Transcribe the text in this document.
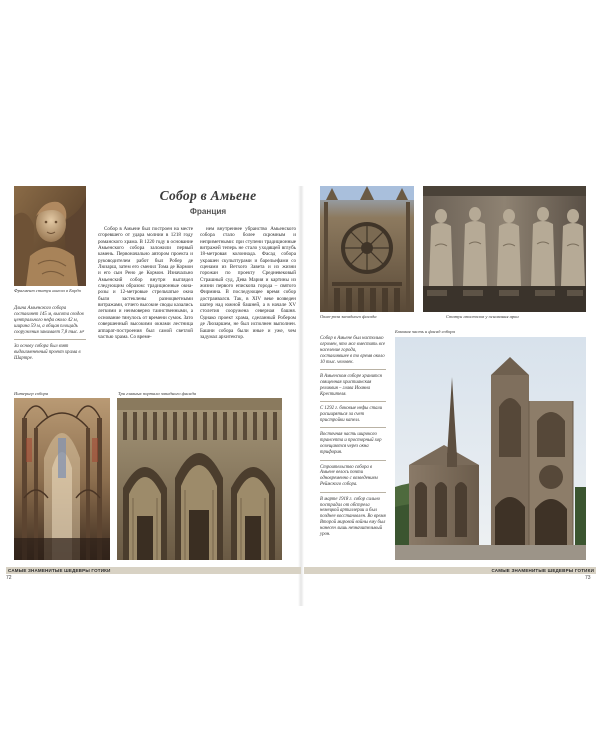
Фрагмент статуи ангела в Бордо

Длина Амьенского собора составляет 145 м, высота сводов центрального нефа около 42 м, ширина 59 м, а общая площадь сооружения занимает 7,8 тыс. м²

За основу собора был взят видоизмененный проект храма в Шартре.

Собор в Амьене
Франция

Собор в Амьене был построен на месте сгоревшего от удара молнии в 1218 году романского храма. В 1220 году в основание Амьенского собора заложили первый камень. Первоначально автором проекта и руководителем работ был Робер де Люзарш, затем его сменил Тома де Кормон и его сын Рено де Кормон. Изначально Амьенский собор внутри выглядел следующим образом: традиционные окна-розы и 12-метровые стрельчатые окна были застеклены разноцветными витражами, отчего высокие своды казались легкими и неимоверно таинственными, а основание тянулось от времени сумок. Зато совершенный высокими окнами лестница аппарат-построения был самой светлой частью храма. Со време-

нем внутреннее убранство Амьенского собора стало более скромным и неприметными: при ступени традиционные витражей теперь не стало уходящей вглубь 18-метровая колоннада. Фасад собора украшен скульптурами и барельефами со сценами из Ветхого Завета и из жизни горожан по проекту Средневековый Страшный суд, Дева Мария и картины из жизни первого епископа города – святого Фирмина. В последующее время собор достраивался. Так, в XIV веке возведен шатер над южной башней, а в начале XV столетия сооружена северная башня. Однако проект храма, сделанный Робером де Люзаршем, не был исполнен выполнен. Башни собора были иные и уже, чем задумал архитектор.

Интерьер собора	Три главных портала западного фасада
САМЫЕ ЗНАМЕНИТЫЕ ШЕДЕВРЫ ГОТИКИ
72
Окно-роза западного фасада	Статуи апостолов у основания арки

Собор в Амьене был настолько огромен, что мог вместить все население города, составлявшее в то время около 10 тыс. человек.

В Амьенском соборе хранится священная христианская реликвия – глава Иоанна Крестителя.

С 1292 г. боковые нефы стали расширяться за счет пристройки капелл.

Восточная часть широкого трансепта и просторный хор освещаются через окна трифория.

Строительство собора в Амьене велось почти одновременно с возведением Реймского собора.

В марте 1918 г. собор сильно пострадал от обстрела немецкой артиллерии и был позднее восстановлен. Во время Второй мировой войны ему был нанесен лишь незначительный урон.

Боковая часть и фасад собора
САМЫЕ ЗНАМЕНИТЫЕ ШЕДЕВРЫ ГОТИКИ
73
